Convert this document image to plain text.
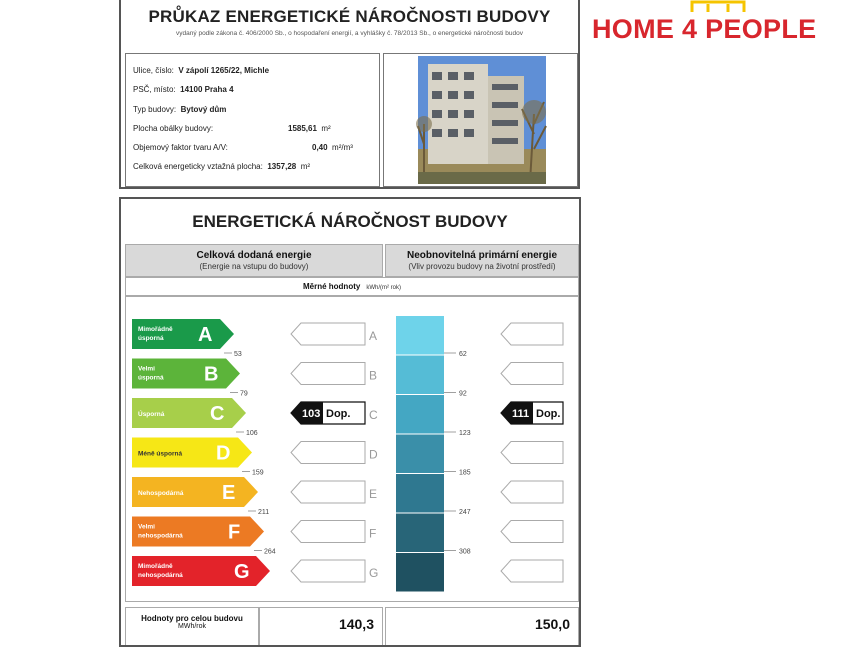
PRŮKAZ ENERGETICKÉ NÁROČNOSTI BUDOVY
vydaný podle zákona č. 406/2000 Sb., o hospodaření energií, a vyhlášky č. 78/2013 Sb., o energetické náročnosti budov
Ulice, číslo: V zápolí 1265/22, Michle
PSČ, místo: 14100 Praha 4
Typ budovy: Bytový dům
Plocha obálky budovy:	1585,61 m²
Objemový faktor tvaru A/V:	0,40 m²/m³
Celková energeticky vztažná plocha: 1357,28 m²
HOME 4 PEOPLE
ENERGETICKÁ NÁROČNOST BUDOVY
Celková dodaná energie
(Energie na vstupu do budovy)
Neobnovitelná primární energie
(Vliv provozu budovy na životní prostředí)
Měrné hodnoty kWh/(m² rok)
Mimořádně
úsporná A	A
Velmi
úsporná B	B
Úsporná C	C
Méně úsporná D	D
Nehospodárná E	E
Velmi
nehospodárná F	F
Mimořádně
nehospodárná	G	G
53
79
106
159
211
264
62
92
123
185
247
308
103 Dop.	111 Dop.
Hodnoty pro celou budovu
MWh/rok	140,3	150,0
